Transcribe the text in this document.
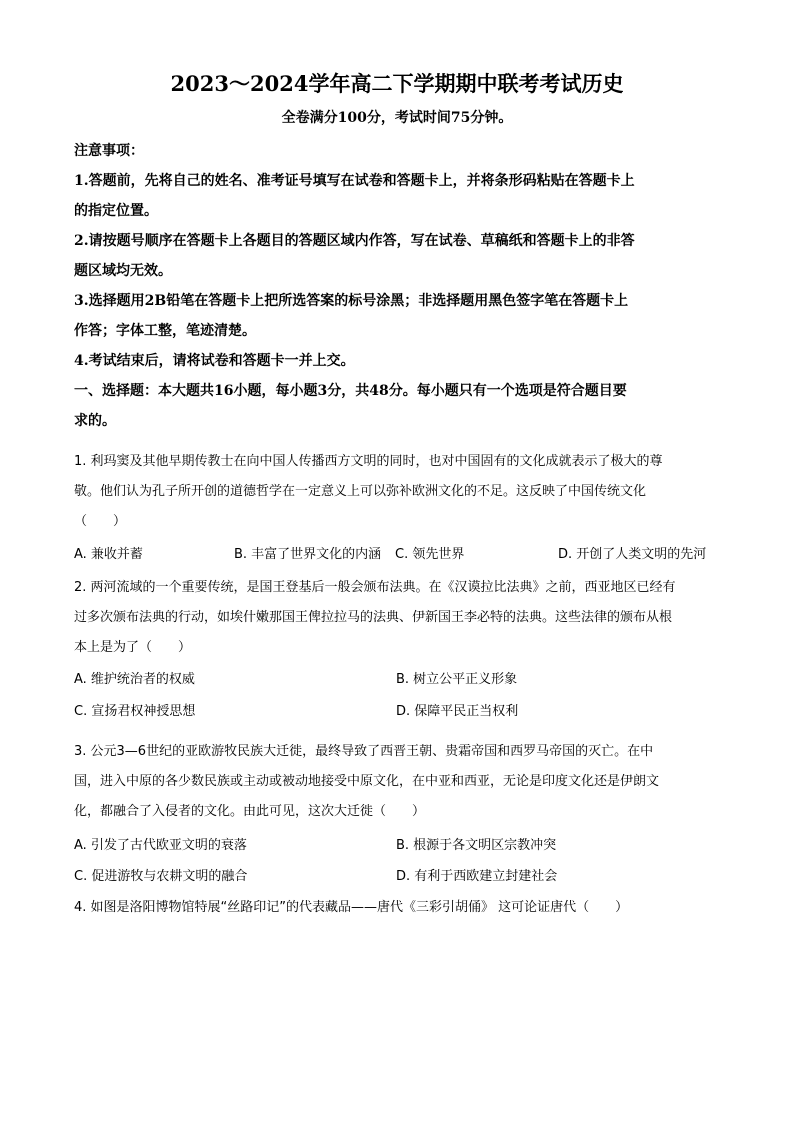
2023～2024学年高二下学期期中联考考试历史
全卷满分100分，考试时间75分钟。
注意事项：
1.答题前，先将自己的姓名、准考证号填写在试卷和答题卡上，并将条形码粘贴在答题卡上
的指定位置。
2.请按题号顺序在答题卡上各题目的答题区域内作答，写在试卷、草稿纸和答题卡上的非答
题区域均无效。
3.选择题用2B铅笔在答题卡上把所选答案的标号涂黑；非选择题用黑色签字笔在答题卡上
作答；字体工整，笔迹清楚。
4.考试结束后，请将试卷和答题卡一并上交。
一、选择题：本大题共16小题，每小题3分，共48分。每小题只有一个选项是符合题目要
求的。
1. 利玛窦及其他早期传教士在向中国人传播西方文明的同时，也对中国固有的文化成就表示了极大的尊
敬。他们认为孔子所开创的道德哲学在一定意义上可以弥补欧洲文化的不足。这反映了中国传统文化
（　　）
A. 兼收并蓄	B. 丰富了世界文化的内涵 C. 领先世界	D. 开创了人类文明的先河
2. 两河流域的一个重要传统，是国王登基后一般会颁布法典。在《汉谟拉比法典》之前，西亚地区已经有
过多次颁布法典的行动，如埃什嫩那国王俾拉拉马的法典、伊新国王李必特的法典。这些法律的颁布从根
本上是为了（　　）
A. 维护统治者的权威	B. 树立公平正义形象
C. 宣扬君权神授思想	D. 保障平民正当权利
3. 公元3—6世纪的亚欧游牧民族大迁徙，最终导致了西晋王朝、贵霜帝国和西罗马帝国的灭亡。在中
国，进入中原的各少数民族或主动或被动地接受中原文化，在中亚和西亚，无论是印度文化还是伊朗文
化，都融合了入侵者的文化。由此可见，这次大迁徙（　　）
A. 引发了古代欧亚文明的衰落	B. 根源于各文明区宗教冲突
C. 促进游牧与农耕文明的融合	D. 有利于西欧建立封建社会
4. 如图是洛阳博物馆特展“丝路印记”的代表藏品——唐代《三彩引胡俑》 这可论证唐代（　　）
